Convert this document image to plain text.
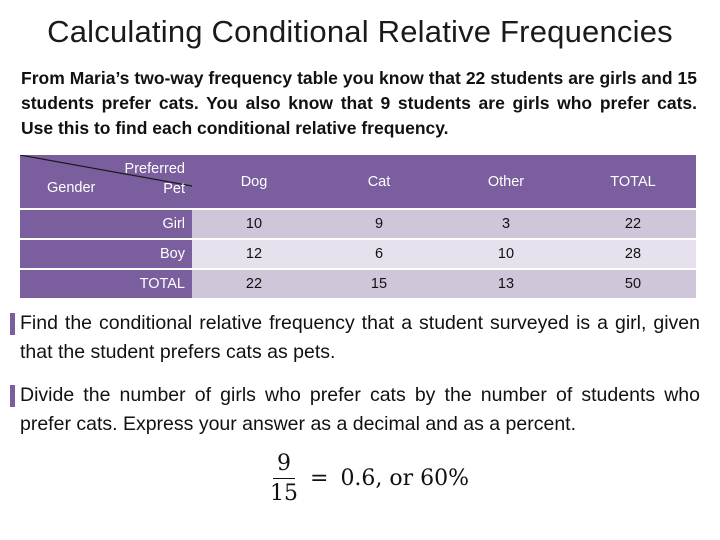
Calculating Conditional Relative Frequencies
From Maria’s two-way frequency table you know that 22 students are girls and 15 students prefer cats. You also know that 9 students are girls who prefer cats. Use this to find each conditional relative frequency.
Preferred
Pet
Gender	Dog	Cat	Other	TOTAL
Girl	10	9	3	22
Boy	12	6	10	28
TOTAL	22	15	13	50
Find the conditional relative frequency that a student surveyed is a girl, given that the student prefers cats as pets.
Divide the number of girls who prefer cats by the number of students who prefer cats. Express your answer as a decimal and as a percent.
$\frac{9}{15} = 0.6$, or 60%
